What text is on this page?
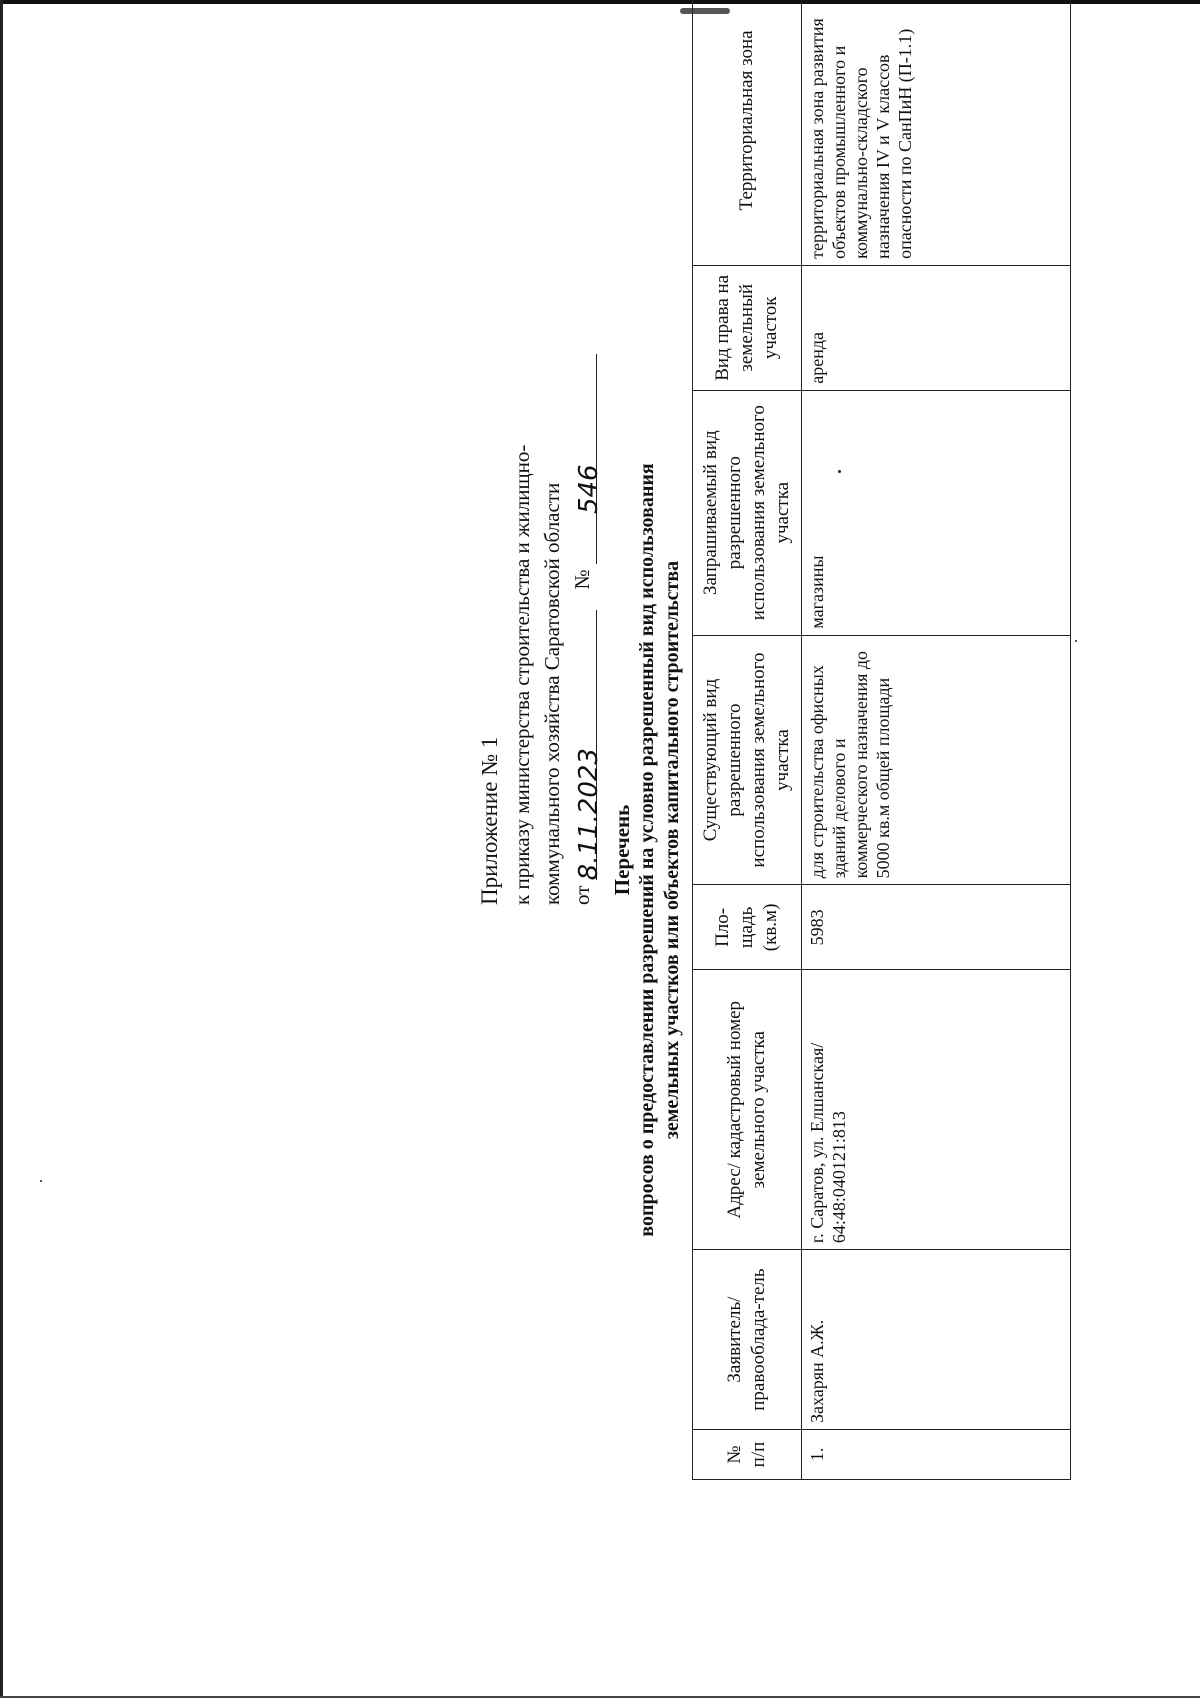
Приложение № 1 к приказу министерства строительства и жилищно- коммунального хозяйства Саратовской области от 8.11.2023    № 546
Перечень вопросов о предоставлении разрешений на условно разрешенный вид использования земельных участков или объектов капитального строительства
№ п/п	Заявитель/ правооблада-тель	Адрес/ кадастровый номер земельного участка	Пло-щадь (кв.м)	Существующий вид разрешенного использования земельного участка	Запрашиваемый вид разрешенного использования земельного участка	Вид права на земельный участок	Территориальная зона
1.	Захарян А.Ж.	г. Саратов, ул. Елшанская/ 64:48:040121:813	5983	для строительства офисных зданий делового и коммерческого назначения до 5000 кв.м общей площади	магазины	аренда	территориальная зона развития объектов промышленного и коммунально-складского назначения IV и V классов опасности по СанПиН (П-1.1)
